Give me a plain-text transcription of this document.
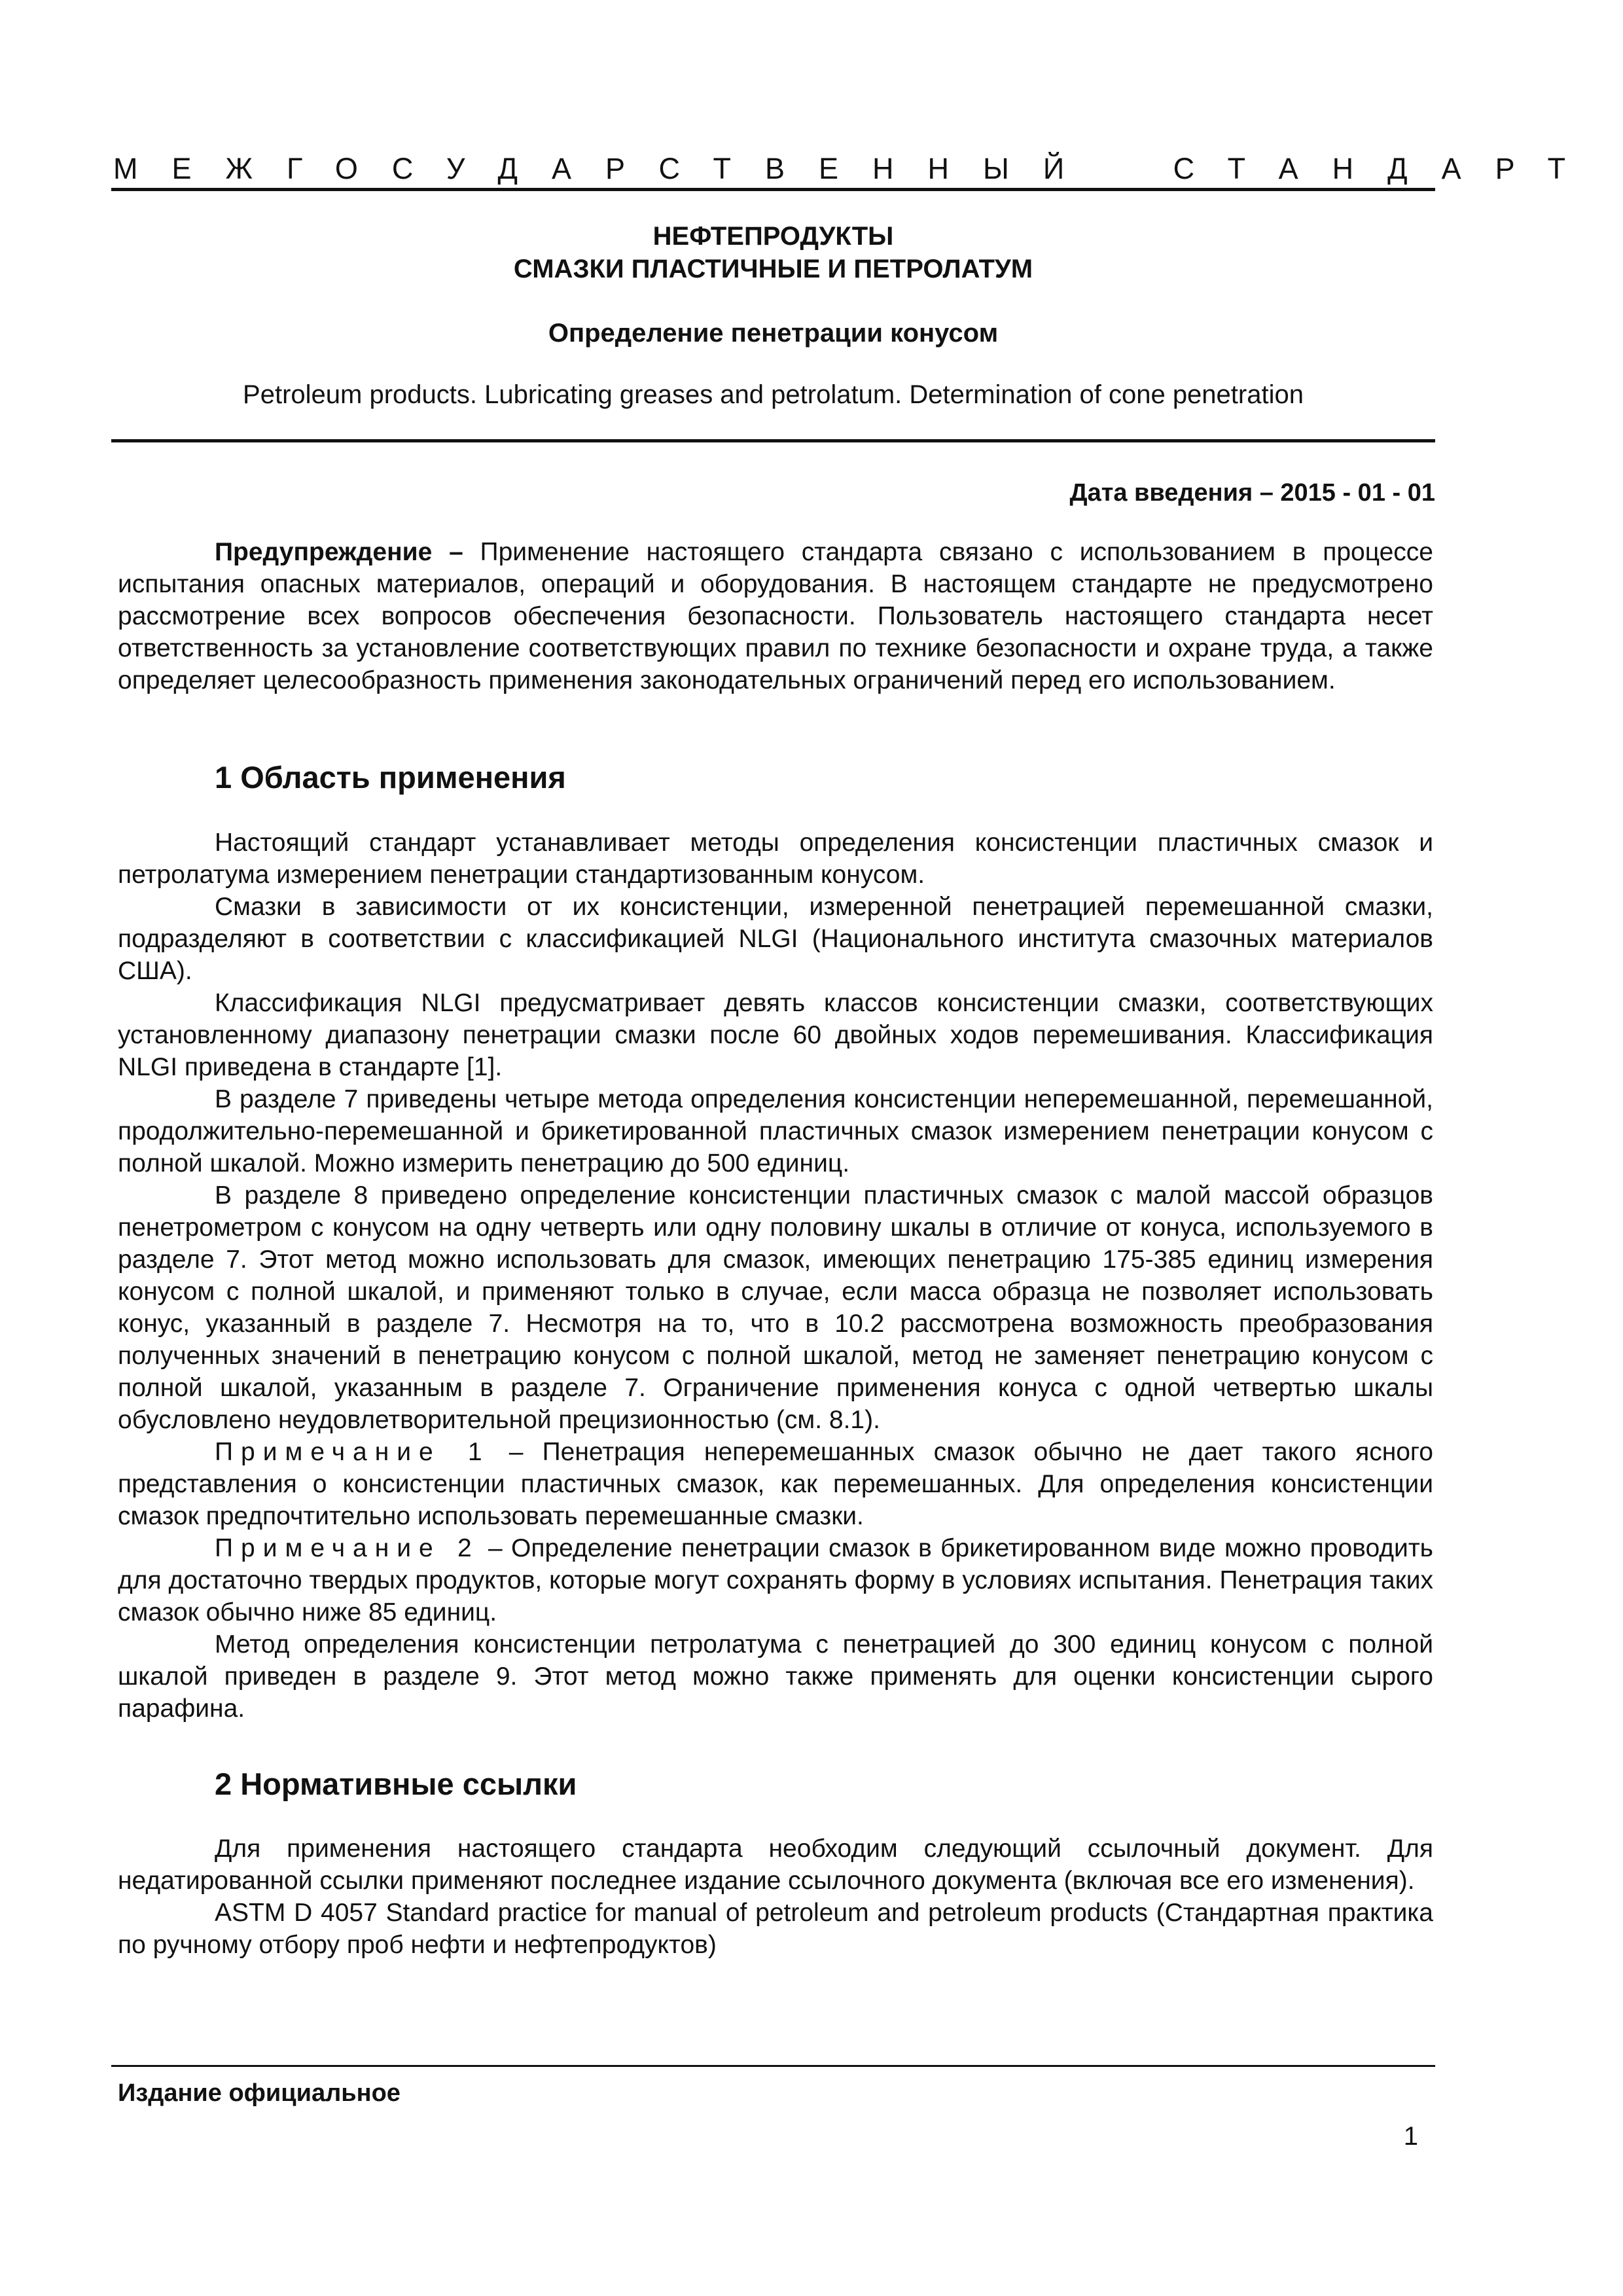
МЕЖГОСУДАРСТВЕННЫЙ СТАНДАРТ
НЕФТЕПРОДУКТЫ
СМАЗКИ ПЛАСТИЧНЫЕ И ПЕТРОЛАТУМ
Определение пенетрации конусом
Petroleum products. Lubricating greases and petrolatum. Determination of cone penetration
Дата введения – 2015 - 01 - 01

Предупреждение – Применение настоящего стандарта связано с использованием в процессе испытания опасных материалов, операций и оборудования. В настоящем стандарте не предусмотрено рассмотрение всех вопросов обеспечения безопасности. Пользователь настоящего стандарта несет ответственность за установление соответствующих правил по технике безопасности и охране труда, а также определяет целесообразность применения законодательных ограничений перед его использованием.

1 Область применения

Настоящий стандарт устанавливает методы определения консистенции пластичных смазок и петролатума измерением пенетрации стандартизованным конусом.

Смазки в зависимости от их консистенции, измеренной пенетрацией перемешанной смазки, подразделяют в соответствии с классификацией NLGI (Национального института смазочных материалов США).

Классификация NLGI предусматривает девять классов консистенции смазки, соответствующих установленному диапазону пенетрации смазки после 60 двойных ходов перемешивания. Классификация NLGI приведена в стандарте [1].

В разделе 7 приведены четыре метода определения консистенции неперемешанной, перемешанной, продолжительно-перемешанной и брикетированной пластичных смазок измерением пенетрации конусом с полной шкалой. Можно измерить пенетрацию до 500 единиц.

В разделе 8 приведено определение консистенции пластичных смазок с малой массой образцов пенетрометром с конусом на одну четверть или одну половину шкалы в отличие от конуса, используемого в разделе 7. Этот метод можно использовать для смазок, имеющих пенетрацию 175-385 единиц измерения конусом с полной шкалой, и применяют только в случае, если масса образца не позволяет использовать конус, указанный в разделе 7. Несмотря на то, что в 10.2 рассмотрена возможность преобразования полученных значений в пенетрацию конусом с полной шкалой, метод не заменяет пенетрацию конусом с полной шкалой, указанным в разделе 7. Ограничение применения конуса с одной четвертью шкалы обусловлено неудовлетворительной прецизионностью (см. 8.1).

Примечание 1 – Пенетрация неперемешанных смазок обычно не дает такого ясного представления о консистенции пластичных смазок, как перемешанных. Для определения консистенции смазок предпочтительно использовать перемешанные смазки.

Примечание 2 – Определение пенетрации смазок в брикетированном виде можно проводить для достаточно твердых продуктов, которые могут сохранять форму в условиях испытания. Пенетрация таких смазок обычно ниже 85 единиц.

Метод определения консистенции петролатума с пенетрацией до 300 единиц конусом с полной шкалой приведен в разделе 9. Этот метод можно также применять для оценки консистенции сырого парафина.

2 Нормативные ссылки

Для применения настоящего стандарта необходим следующий ссылочный документ. Для недатированной ссылки применяют последнее издание ссылочного документа (включая все его изменения).

ASTM D 4057 Standard practice for manual of petroleum and petroleum products (Стандартная практика по ручному отбору проб нефти и нефтепродуктов)

Издание официальное
1
